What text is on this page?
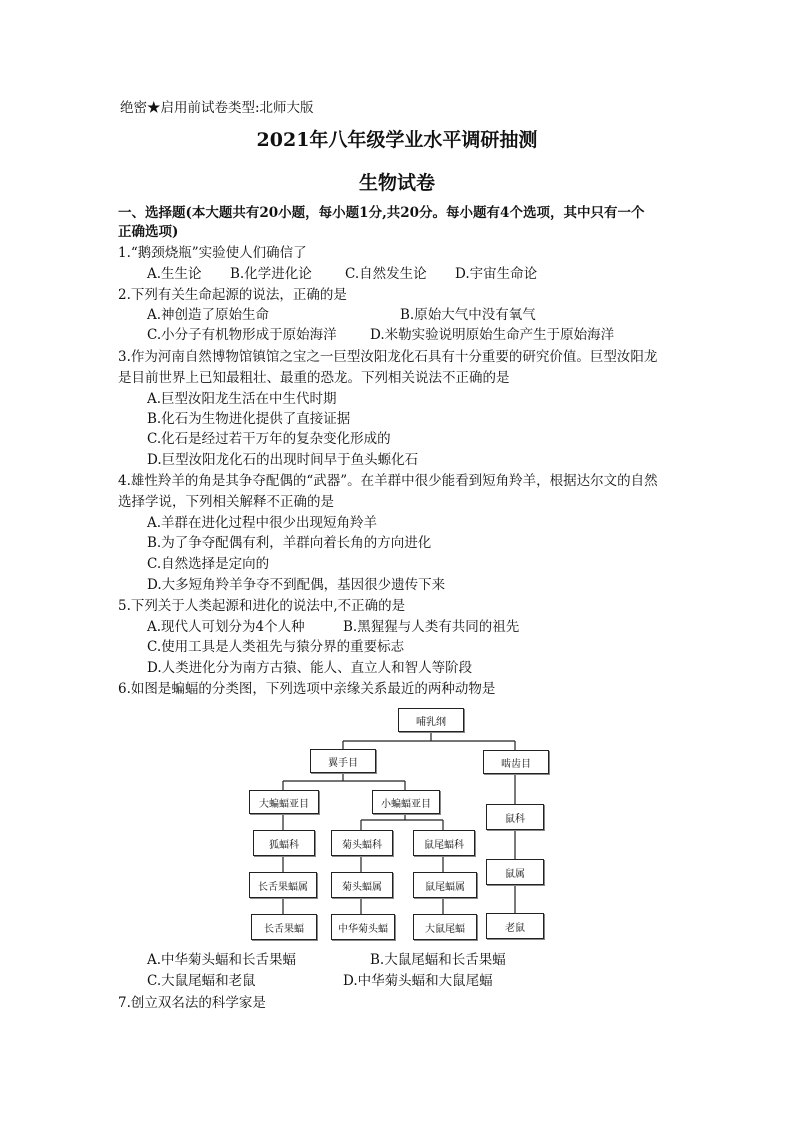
绝密★启用前试卷类型:北师大版
2021年八年级学业水平调研抽测
生物试卷
一、选择题(本大题共有20小题，每小题1分,共20分。每小题有4个选项，其中只有一个
正确选项)
1.“鹅颈烧瓶”实验使人们确信了
A.生生论 B.化学进化论 C.自然发生论 D.宇宙生命论
2.下列有关生命起源的说法，正确的是
A.神创造了原始生命	B.原始大气中没有氧气
C.小分子有机物形成于原始海洋 D.米勒实验说明原始生命产生于原始海洋
3.作为河南自然博物馆镇馆之宝之一巨型汝阳龙化石具有十分重要的研究价值。巨型汝阳龙
是目前世界上已知最粗壮、最重的恐龙。下列相关说法不正确的是
A.巨型汝阳龙生活在中生代时期
B.化石为生物进化提供了直接证据
C.化石是经过若干万年的复杂变化形成的
D.巨型汝阳龙化石的出现时间早于鱼头螈化石
4.雄性羚羊的角是其争夺配偶的“武器”。在羊群中很少能看到短角羚羊，根据达尔文的自然
选择学说，下列相关解释不正确的是
A.羊群在进化过程中很少出现短角羚羊
B.为了争夺配偶有利，羊群向着长角的方向进化
C.自然选择是定向的
D.大多短角羚羊争夺不到配偶，基因很少遗传下来
5.下列关于人类起源和进化的说法中,不正确的是
A.现代人可划分为4个人种	B.黑猩猩与人类有共同的祖先
C.使用工具是人类祖先与猿分界的重要标志
D.人类进化分为南方古猿、能人、直立人和智人等阶段
6.如图是蝙蝠的分类图，下列选项中亲缘关系最近的两种动物是
哺乳纲
翼手目	啮齿目
大蝙蝠亚目	小蝙蝠亚目
鼠科
狐蝠科	菊头蝠科	鼠尾蝠科
鼠属
长舌果蝠属	菊头蝠属	鼠尾蝠属
老鼠
长舌果蝠	中华菊头蝠	大鼠尾蝠
A.中华菊头蝠和长舌果蝠	B.大鼠尾蝠和长舌果蝠
C.大鼠尾蝠和老鼠	D.中华菊头蝠和大鼠尾蝠
7.创立双名法的科学家是
